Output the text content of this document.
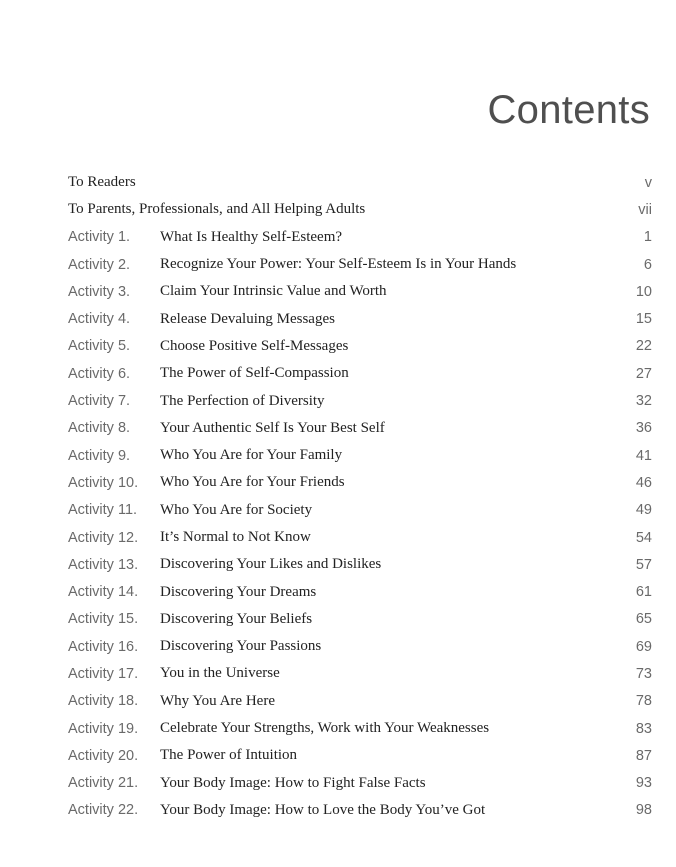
Contents
To Readers	v
To Parents, Professionals, and All Helping Adults	vii
Activity 1.	What Is Healthy Self-Esteem?	1
Activity 2.	Recognize Your Power: Your Self-Esteem Is in Your Hands	6
Activity 3.	Claim Your Intrinsic Value and Worth	10
Activity 4.	Release Devaluing Messages	15
Activity 5.	Choose Positive Self-Messages	22
Activity 6.	The Power of Self-Compassion	27
Activity 7.	The Perfection of Diversity	32
Activity 8.	Your Authentic Self Is Your Best Self	36
Activity 9.	Who You Are for Your Family	41
Activity 10.	Who You Are for Your Friends	46
Activity 11.	Who You Are for Society	49
Activity 12.	It’s Normal to Not Know	54
Activity 13.	Discovering Your Likes and Dislikes	57
Activity 14.	Discovering Your Dreams	61
Activity 15.	Discovering Your Beliefs	65
Activity 16.	Discovering Your Passions	69
Activity 17.	You in the Universe	73
Activity 18.	Why You Are Here	78
Activity 19.	Celebrate Your Strengths, Work with Your Weaknesses	83
Activity 20.	The Power of Intuition	87
Activity 21.	Your Body Image: How to Fight False Facts	93
Activity 22.	Your Body Image: How to Love the Body You’ve Got	98
